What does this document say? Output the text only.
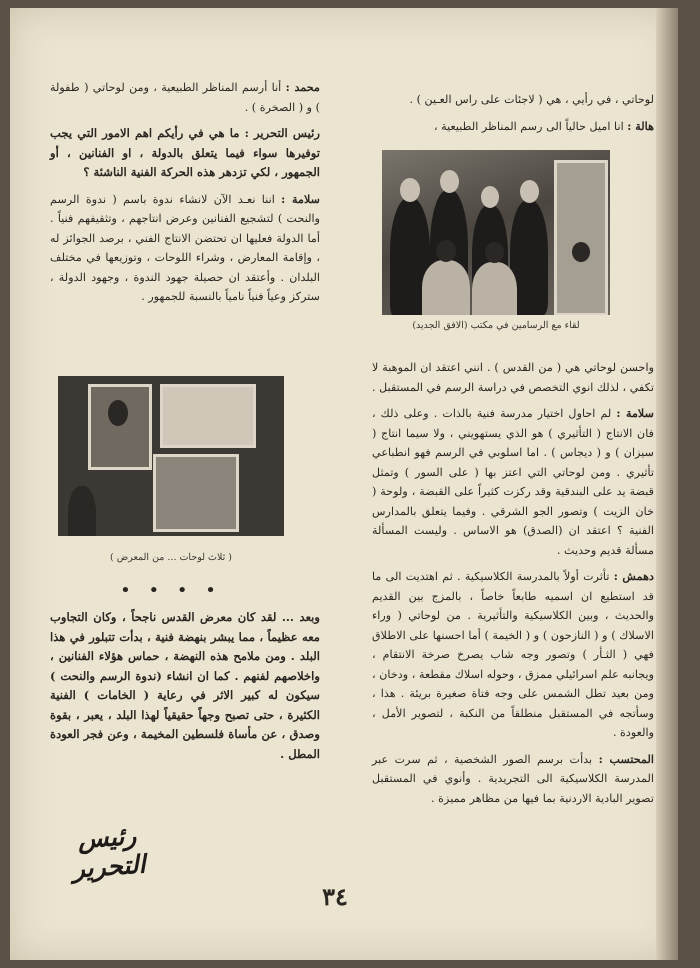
لوحاتي ، في رأيي ، هي ( لاجئات على راس العـين ) .

هالة : انا اميل حالياً الى رسم المناظر الطبيعية ،

لقاء مع الرسامين في مكتب (الافق الجديد)

واحسن لوحاتي هي ( من القدس ) . انني اعتقد ان الموهبة لا تكفي ، لذلك انوي التخصص في دراسة الرسم في المستقبل .

سلامة : لم احاول اختيار مدرسة فنية بالذات . وعلى ذلك ، فان الانتاج ( التأثيري ) هو الذي يستهويني ، ولا سيما انتاج ( سيزان ) و ( ديجاس ) . اما اسلوبي في الرسم فهو انطباعي تأثيري . ومن لوحاتي التي اعتز بها ( على السور ) وتمثل قبضة يد على البندقية وقد ركزت كثيراً على القبضة ، ولوحة ( خان الزيت ) وتصور الجو الشرقي . وفيما يتعلق بالمدارس الفنية ؟ اعتقد ان (الصدق) هو الاساس . وليست المسألة مسألة قديم وحديث .

دهمش : تأثرت أولاً بالمدرسة الكلاسيكية . ثم اهتديت الى ما قد استطيع ان اسميه طابعاً خاصاً ، بالمزج بين القديم والحديث ، وبين الكلاسيكية والتأثيرية . من لوحاتي ( وراء الاسلاك ) و ( النازحون ) و ( الخيمة ) أما احسنها على الاطلاق فهي ( الثـأر ) وتصور وجه شاب يصرخ صرخة الانتقام ، ويجانبه علم اسرائيلي ممزق ، وحوله اسلاك مقطعة ، ودخان ، ومن بعيد تطل الشمس على وجه فتاة صغيرة بريئة . هذا ، وسأتجه في المستقبل منطلقاً من النكبة ، لتصوير الأمل ، والعودة .

المحتسب : بدأت برسم الصور الشخصية ، ثم سرت عبر المدرسة الكلاسيكية الى التجريدية . وأنوي في المستقبل تصوير البادية الاردنية بما فيها من مظاهر مميزة .

محمد : أنا أرسم المناظر الطبيعية ، ومن لوحاتي ( طفولة ) و ( الصخرة ) .

رئيس التحرير : ما هي في رأيكم اهم الامور التي يجب توفيرها سواء فيما يتعلق بالدولة ، او الفنانين ، أو الجمهور ، لكي تزدهر هذه الحركة الفنية الناشئة ؟

سلامة : اننا نعـد الآن لانشاء ندوة باسم ( ندوة الرسم والنحت ) لتشجيع الفنانين وعرض انتاجهم ، وتثقيفهم فنياً . أما الدولة فعليها ان تحتضن الانتاج الفني ، برصد الجوائز له ، وإقامة المعارض ، وشراء اللوحات ، وتوزيعها في مختلف البلدان . وأعتقد ان حصيلة جهود الندوة ، وجهود الدولة ، ستركز وعياً فنياً نامياً بالنسبة للجمهور .

( ثلاث لوحات ... من المعرض )
• • • •

وبعد ... لقد كان معرض القدس ناجحاً ، وكان التجاوب معه عظيماً ، مما يبشر بنهضة فنية ، بدأت تتبلور في هذا البلد . ومن ملامح هذه النهضة ، حماس هؤلاء الفنانين ، واخلاصهم لفنهم . كما ان انشاء (ندوة الرسم والنحت ) سيكون له كبير الاثر في رعاية ( الخامات ) الفنية الكثيرة ، حتى تصبح وجهاً حقيقياً لهذا البلد ، يعبر ، بقوة وصدق ، عن مأساة فلسطين المخيمة ، وعن فجر العودة المطل .

رئيس التحرير
٣٤
